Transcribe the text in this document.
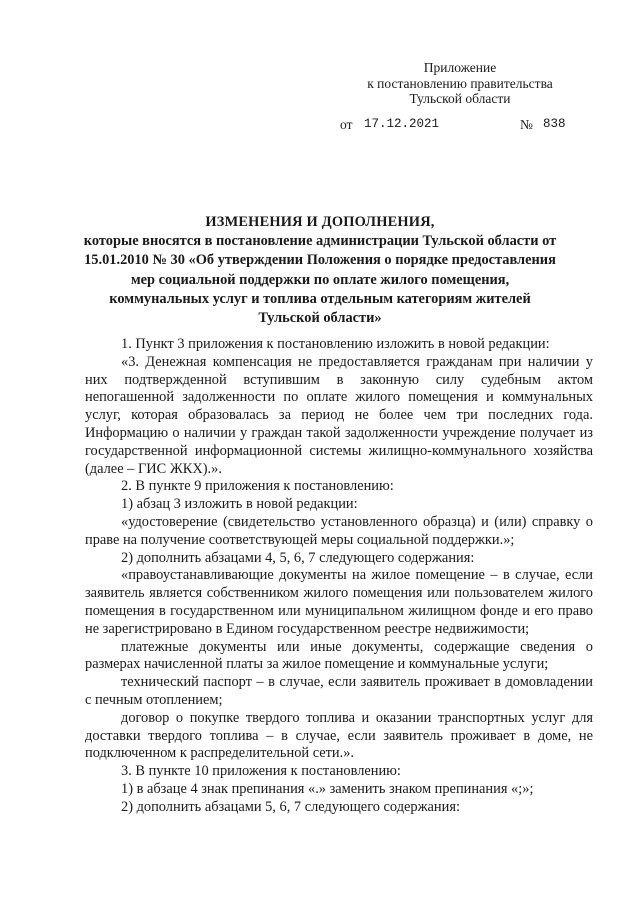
Приложение
к постановлению правительства
Тульской области
от 17.12.2021	№ 838
ИЗМЕНЕНИЯ И ДОПОЛНЕНИЯ,
которые вносятся в постановление администрации Тульской области от 15.01.2010 № 30 «Об утверждении Положения о порядке предоставления мер социальной поддержки по оплате жилого помещения, коммунальных услуг и топлива отдельным категориям жителей Тульской области»

1. Пункт 3 приложения к постановлению изложить в новой редакции:

«3. Денежная компенсация не предоставляется гражданам при наличии у них подтвержденной вступившим в законную силу судебным актом непогашенной задолженности по оплате жилого помещения и коммунальных услуг, которая образовалась за период не более чем три последних года. Информацию о наличии у граждан такой задолженности учреждение получает из государственной информационной системы жилищно-коммунального хозяйства (далее – ГИС ЖКХ).».

2. В пункте 9 приложения к постановлению:

1) абзац 3 изложить в новой редакции:

«удостоверение (свидетельство установленного образца) и (или) справку о праве на получение соответствующей меры социальной поддержки.»;

2) дополнить абзацами 4, 5, 6, 7 следующего содержания:

«правоустанавливающие документы на жилое помещение – в случае, если заявитель является собственником жилого помещения или пользователем жилого помещения в государственном или муниципальном жилищном фонде и его право не зарегистрировано в Едином государственном реестре недвижимости;

платежные документы или иные документы, содержащие сведения о размерах начисленной платы за жилое помещение и коммунальные услуги;

технический паспорт – в случае, если заявитель проживает в домовладении с печным отоплением;

договор о покупке твердого топлива и оказании транспортных услуг для доставки твердого топлива – в случае, если заявитель проживает в доме, не подключенном к распределительной сети.».

3. В пункте 10 приложения к постановлению:

1) в абзаце 4 знак препинания «.» заменить знаком препинания «;»;

2) дополнить абзацами 5, 6, 7 следующего содержания:
